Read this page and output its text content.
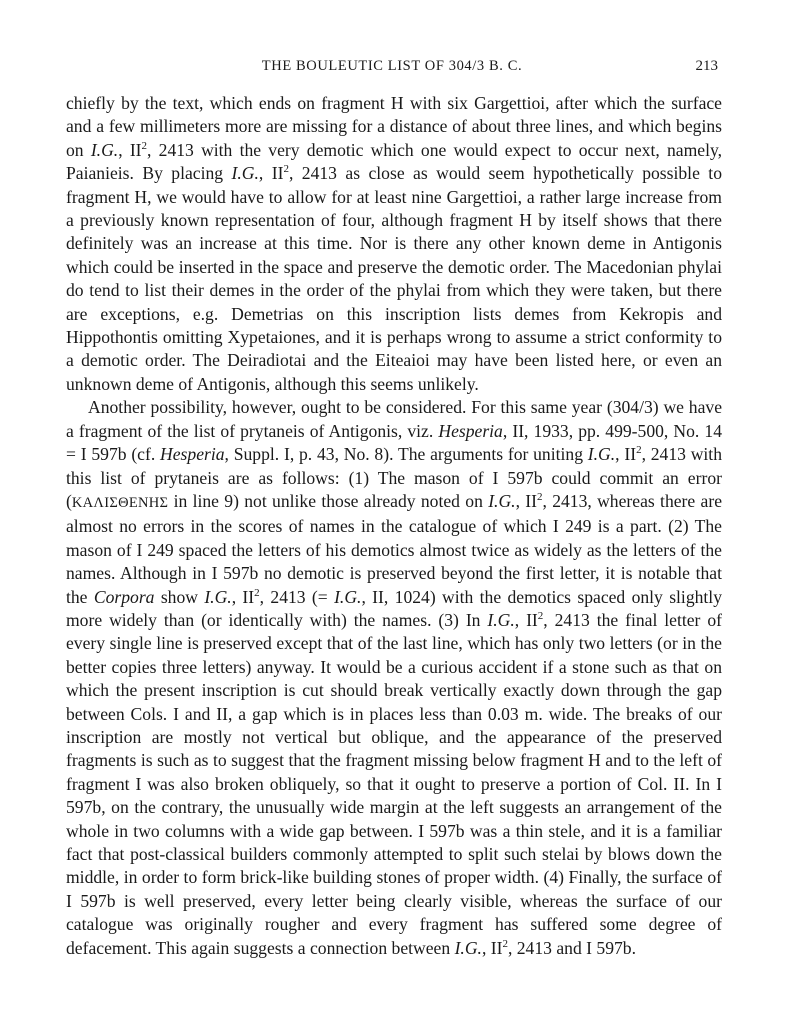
THE BOULEUTIC LIST OF 304/3 B. C.	213

chiefly by the text, which ends on fragment H with six Gargettioi, after which the surface and a few millimeters more are missing for a distance of about three lines, and which begins on I.G., $II^2$, 2413 with the very demotic which one would expect to occur next, namely, Paianieis. By placing I.G., $II^2$, 2413 as close as would seem hypothetically possible to fragment H, we would have to allow for at least nine Gargettioi, a rather large increase from a previously known representation of four, although fragment H by itself shows that there definitely was an increase at this time. Nor is there any other known deme in Antigonis which could be inserted in the space and preserve the demotic order. The Macedonian phylai do tend to list their demes in the order of the phylai from which they were taken, but there are exceptions, e.g. Demetrias on this inscription lists demes from Kekropis and Hippothontis omitting Xypetaiones, and it is perhaps wrong to assume a strict conformity to a demotic order. The Deiradiotai and the Eiteaioi may have been listed here, or even an unknown deme of Antigonis, although this seems unlikely.

Another possibility, however, ought to be considered. For this same year (304/3) we have a fragment of the list of prytaneis of Antigonis, viz. Hesperia, II, 1933, pp. 499-500, No. 14 = I 597b (cf. Hesperia, Suppl. I, p. 43, No. 8). The arguments for uniting I.G., $II^2$, 2413 with this list of prytaneis are as follows: (1) The mason of I 597b could commit an error (ΚΑΛΙΣΘΕΝΗΣ in line 9) not unlike those already noted on I.G., $II^2$, 2413, whereas there are almost no errors in the scores of names in the catalogue of which I 249 is a part. (2) The mason of I 249 spaced the letters of his demotics almost twice as widely as the letters of the names. Although in I 597b no demotic is preserved beyond the first letter, it is notable that the Corpora show I.G., $II^2$, 2413 (= I.G., II, 1024) with the demotics spaced only slightly more widely than (or identically with) the names. (3) In I.G., $II^2$, 2413 the final letter of every single line is preserved except that of the last line, which has only two letters (or in the better copies three letters) anyway. It would be a curious accident if a stone such as that on which the present inscription is cut should break vertically exactly down through the gap between Cols. I and II, a gap which is in places less than 0.03 m. wide. The breaks of our inscription are mostly not vertical but oblique, and the appearance of the preserved fragments is such as to suggest that the fragment missing below fragment H and to the left of fragment I was also broken obliquely, so that it ought to preserve a portion of Col. II. In I 597b, on the contrary, the unusually wide margin at the left suggests an arrangement of the whole in two columns with a wide gap between. I 597b was a thin stele, and it is a familiar fact that post-classical builders commonly attempted to split such stelai by blows down the middle, in order to form brick-like building stones of proper width. (4) Finally, the surface of I 597b is well preserved, every letter being clearly visible, whereas the surface of our catalogue was originally rougher and every fragment has suffered some degree of defacement. This again suggests a connection between I.G., $II^2$, 2413 and I 597b.
